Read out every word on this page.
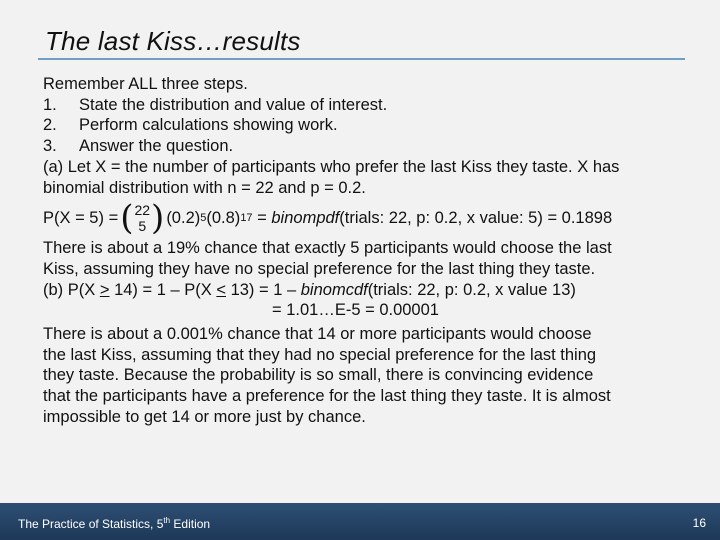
The last Kiss…results
Remember ALL three steps.
1.	State the distribution and value of interest.
2.	Perform calculations showing work.
3.	Answer the question.
(a) Let X = the number of participants who prefer the last Kiss they taste. X has
binomial distribution with n = 22 and p = 0.2.
P(X = 5) = ( 22
5 ) (0.2) 5 (0.8) 17 = binompdf (trials: 22, p: 0.2, x value: 5) = 0.1898
There is about a 19% chance that exactly 5 participants would choose the last
Kiss, assuming they have no special preference for the last thing they taste.
(b) P(X ≥ 14) = 1 – P(X ≤ 13) = 1 – binomcdf(trials: 22, p: 0.2, x value 13)
= 1.01…E-5 = 0.00001
There is about a 0.001% chance that 14 or more participants would choose
the last Kiss, assuming that they had no special preference for the last thing
they taste. Because the probability is so small, there is convincing evidence
that the participants have a preference for the last thing they taste. It is almost
impossible to get 14 or more just by chance.
The Practice of Statistics, 5th Edition	16
